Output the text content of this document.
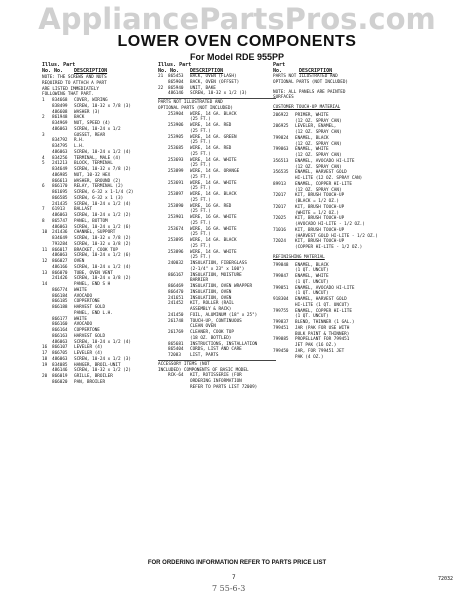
AppliancePartsPros.com
LOWER OVEN COMPONENTS
For Model RDE 955PP
Illus. Part
No. No.	DESCRIPTION
NOTE: THE SCREWS AND NUTS
REQUIRED TO ATTACH A PART
ARE LISTED IMMEDIATELY
FOLLOWING THAT PART.
1	834668	COVER, WIRING
838499	SCREW, 10-32 x 7/8 (3)
486608	WASHER (3)
2	861948	BACK
834969	NUT, SPEED (4)
486063	SCREW, 10-24 x 1/2
3	GUSSET, REAR
834792	R.H.
834795	L.H.
486063	SCREW, 10-24 x 1/2 (4)
4	834256	TERMINAL, MALE (4)
5	241213	BLOCK, TERMINAL
834649	SCREW, 10-32 x 7/8 (2)
486985	NUT, 10-32 HEX
866613	WASHER, GROUND (2)
6	866170	RELAY, TERMINAL (2)
861695	SCREW, 6-32 x 1-1/4 (2)
866585	SCREW, 6-32 x 1 (3)
241435	SCREW, 10-24 x 1/2 (4)
7	61913	BALLAST
486063	SCREW, 10-24 x 1/2 (2)
8	865747	PANEL, BOTTOM
486063	SCREW, 10-24 x 1/2 (6)
10	241436	CHANNEL, SUPPORT
834649	SCREW, 10-32 x 7/8 (2)
793284	SCREW, 10-32 x 3/8 (2)
11	866017	BRACKET, COOK TOP
486063	SCREW, 10-24 x 1/2 (6)
12	866027	OVEN
486166	SCREW, 10-24 x 1/2 (4)
13	866070	TUBE, OVEN VENT
241426	SCREW, 10-24 x 3/8 (2)
14	PANEL, END S H
866774	WHITE
866184	AVOCADO
866185	COPPERTONE
866188	HARVEST GOLD
PANEL, END L.H.
866177	WHITE
866160	AVOCADO
866164	COPPERTONE
866163	HARVEST GOLD
486063	SCREW, 10-24 x 1/2 (4)
16	866107	LEVELER (4)
17	866705	LEVELER (4)
18	486063	SCREW, 10-24 x 1/2 (3)
19	834085	HANGER, BROIL-UNIT
486146	SCREW, 10-32 x 1/2 (2)
20	866019	GRILLE, BROILER
866020	PAN, BROILER
Illus. Part
No. No.	DESCRIPTION
21	865453	BACK, OVEN (FLASH)
865904	BACK, OVEN (OFFSET)
22	865940	UNIT, BAKE
486146	SCREW, 10-32 x 1/2 (3)
PARTS NOT ILLUSTRATED AND
OPTIONAL PARTS (NOT INCLUDED)
253904	WIRE, 14 GA. BLACK
(25 FT.)
253906	WIRE, 14 GA. RED
(25 FT.)
253905	WIRE, 14 GA. GREEN
(25 FT.)
253685	WIRE, 14 GA. RED
(25 FT.)
253693	WIRE, 14 GA. WHITE
(25 FT.)
253899	WIRE, 14 GA. ORANGE
(25 FT.)
253691	WIRE, 14 GA. WHITE
(25 FT.)
253897	WIRE, 14 GA. BLACK
(25 FT.)
253890	WIRE, 16 GA. RED
(25 FT.)
253901	WIRE, 16 GA. WHITE
(25 FT.)
253674	WIRE, 16 GA. WHITE
(25 FT.)
253895	WIRE, 14 GA. BLACK
(25 FT.)
253896	WIRE, 14 GA. WHITE
(25 FT.)
240032	INSULATION, FIBERGLASS
(2-1/4" x 23" x 100")
866167	INSULATION, MOISTURE
BARRIER
866469	INSULATION, OVEN WRAPPER
866470	INSULATION, OVEN
241651	INSULATION, OVEN
241452	KIT, ROLLER (RAIL
ASSEMBLY & RACK)
241450	FOIL, ALUMINUM (18" x 25")
261748	TOUCH-UP, CONTINUOUS
CLEAN OVEN
261769	CLEANER, COOK TOP
(18 OZ. BOTTLED)
865681	INSTRUCTIONS, INSTALLATION
865404	CORDS, LIST AND CARE
72083	LIST, PARTS
ACCESSORY ITEMS (NOT
INCLUDED) COMPONENTS OF BASIC MODEL
RCK-64	KIT, ROTISSERIE (FOR
ORDERING INFORMATION
REFER TO PARTS LIST 72009)
Part
No.	DESCRIPTION
PARTS NOT ILLUSTRATED AND
OPTIONAL PARTS (NOT INCLUDED)
NOTE: ALL PANELS ARE PAINTED
SURFACES
CUSTOMER TOUCH-UP MATERIAL
206922	PRIMER, WHITE
(12 OZ. SPRAY CAN)
206925	LEVELER, ENAMEL,
(12 OZ. SPRAY CAN)
799824	ENAMEL, BLACK
(12 OZ. SPRAY CAN)
799863	ENAMEL, WHITE
(12 OZ. SPRAY CAN)
356513	ENAMEL, AVOCADO HI-LITE
(12 OZ. SPRAY CAN)
356535	ENAMEL, HARVEST GOLD
HI-LITE (12 OZ. SPRAY CAN)
89913	ENAMEL, COPPER HI-LITE
(12 OZ. SPRAY CAN)
72017	KIT, BRUSH TOUCH-UP
(BLACK = 1/2 OZ.)
72017	KIT, BRUSH TOUCH-UP
(WHITE = 1/2 OZ.)
72025	KIT, BRUSH TOUCH-UP
(AVOCADO HI-LITE - 1/2 OZ.)
71016	KIT, BRUSH TOUCH-UP
(HARVEST GOLD HI-LITE - 1/2 OZ.)
72024	KIT, BRUSH TOUCH-UP
(COPPER HI-LITE - 1/2 OZ.)
REFINISHING MATERIAL
799848	ENAMEL, BLACK
(1 QT. UNCUT)
799847	ENAMEL, WHITE
(1 QT. UNCUT)
799851	ENAMEL, AVOCADO HI-LITE
(1 QT. UNCUT)
918304	ENAMEL, HARVEST GOLD
HI-LITE (1 QT. UNCUT)
799755	ENAMEL, COPPER HI-LITE
(1 QT. UNCUT)
799837	BLEND, THINNER (1 GAL.)
799451	JAR (PAK FOR USE WITH
BULK PAINT & THINNER)
799885	PROPELLANT FOR 799451
JET PAK (16 OZ.)
799450	JAR, FOR 799451 JET
PAK (4 OZ.)
FOR ORDERING INFORMATION REFER TO PARTS PRICE LIST
7
7 55-6-3
72032
